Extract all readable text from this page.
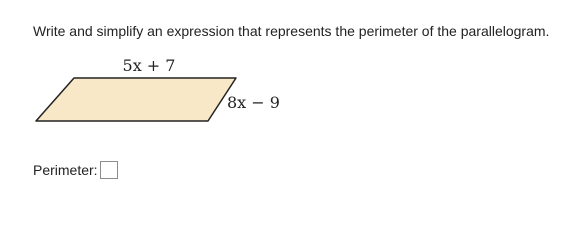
Write and simplify an expression that represents the perimeter of the parallelogram.
5x + 7
8x − 9
Perimeter:
